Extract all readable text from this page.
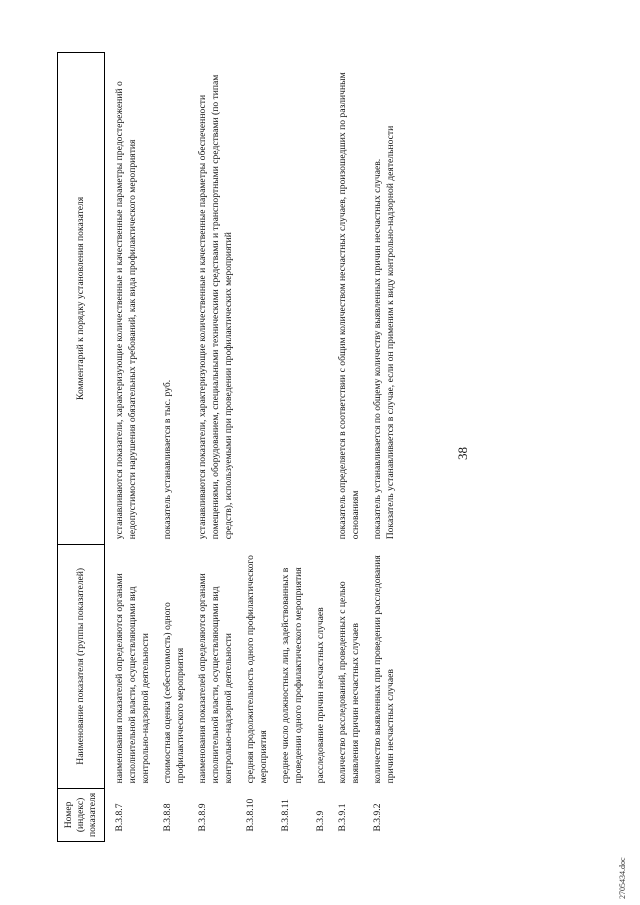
38
Номер (индекс) показателя	Наименование показателя (группы показателей)	Комментарий к порядку установления показателя
В.3.8.7	наименования показателей определяются органами исполнительной власти, осуществляющими вид контрольно-надзорной деятельности	устанавливаются показатели, характеризующие количественные и качественные параметры предостережений о недопустимости нарушения обязательных требований, как вида профилактического мероприятия
В.3.8.8	стоимостная оценка (себестоимость) одного профилактического мероприятия	показатель устанавливается в тыс. руб.
В.3.8.9	наименования показателей определяются органами исполнительной власти, осуществляющими вид контрольно-надзорной деятельности	устанавливаются показатели, характеризующие количественные и качественные параметры обеспеченности помещениями, оборудованием, специальными техническими средствами и транспортными средствами (по типам средств), используемыми при проведении профилактических мероприятий
В.3.8.10	средняя продолжительность одного профилактического мероприятия	
В.3.8.11	среднее число должностных лиц, задействованных в проведении одного профилактического мероприятия	
В.3.9	расследование причин несчастных случаев	
В.3.9.1	количество расследований, проведенных с целью выявления причин несчастных случаев	показатель определяется в соответствии с общим количеством несчастных случаев, произошедших по различным основаниям
В.3.9.2	количество выявленных при проведении расследования причин несчастных случаев	показатель устанавливается по общему количеству выявленных причин несчастных случаев. Показатель устанавливается в случае, если он применим к виду контрольно-надзорной деятельности
2705434.doc
